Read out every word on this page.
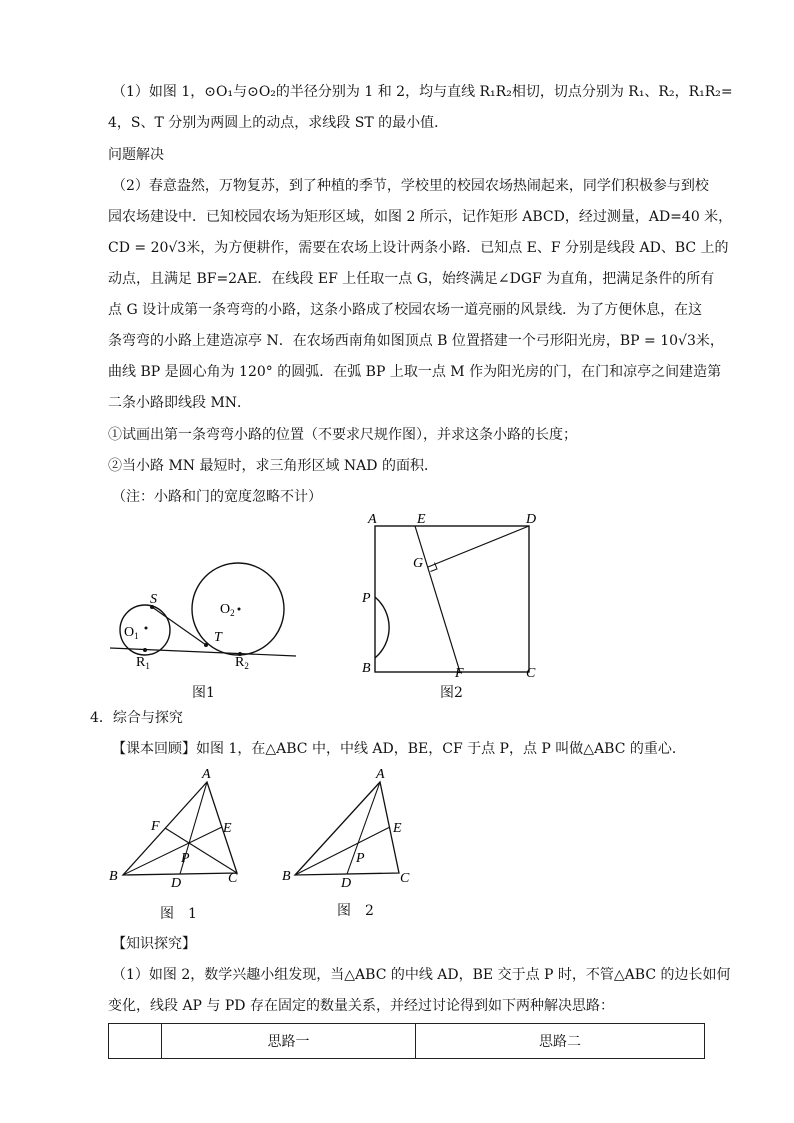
（1）如图 1，⊙O₁与⊙O₂的半径分别为 1 和 2，均与直线 R₁R₂相切，切点分别为 R₁、R₂，R₁R₂=
4，S、T 分别为两圆上的动点，求线段 ST 的最小值．
问题解决
（2）春意盎然，万物复苏，到了种植的季节，学校里的校园农场热闹起来，同学们积极参与到校
园农场建设中．已知校园农场为矩形区域，如图 2 所示，记作矩形 ABCD，经过测量，AD=40 米，
CD = 20√3米，为方便耕作，需要在农场上设计两条小路．已知点 E、F 分别是线段 AD、BC 上的
动点，且满足 BF=2AE．在线段 EF 上任取一点 G，始终满足∠DGF 为直角，把满足条件的所有
点 G 设计成第一条弯弯的小路，这条小路成了校园农场一道亮丽的风景线．为了方便休息，在这
条弯弯的小路上建造凉亭 N．在农场西南角如图顶点 B 位置搭建一个弓形阳光房，BP = 10√3米，
曲线 BP 是圆心角为 120° 的圆弧．在弧 BP 上取一点 M 作为阳光房的门，在门和凉亭之间建造第
二条小路即线段 MN．
①试画出第一条弯弯小路的位置（不要求尺规作图），并求这条小路的长度；
②当小路 MN 最短时，求三角形区域 NAD 的面积．
（注：小路和门的宽度忽略不计）
S
$O_1$
$O_2$
T
$R_1$	$R_2$
图1
A	E	D
G
P
B	F	C
图2
4．综合与探究
【课本回顾】如图 1，在△ABC 中，中线 AD，BE，CF 于点 P，点 P 叫做△ABC 的重心．
A
F	E
P
B	D	C
图　1
A
E
P
B	D	C
图　2
【知识探究】
（1）如图 2，数学兴趣小组发现，当△ABC 的中线 AD，BE 交于点 P 时，不管△ABC 的边长如何
变化，线段 AP 与 PD 存在固定的数量关系，并经过讨论得到如下两种解决思路：
	思路一	思路二
